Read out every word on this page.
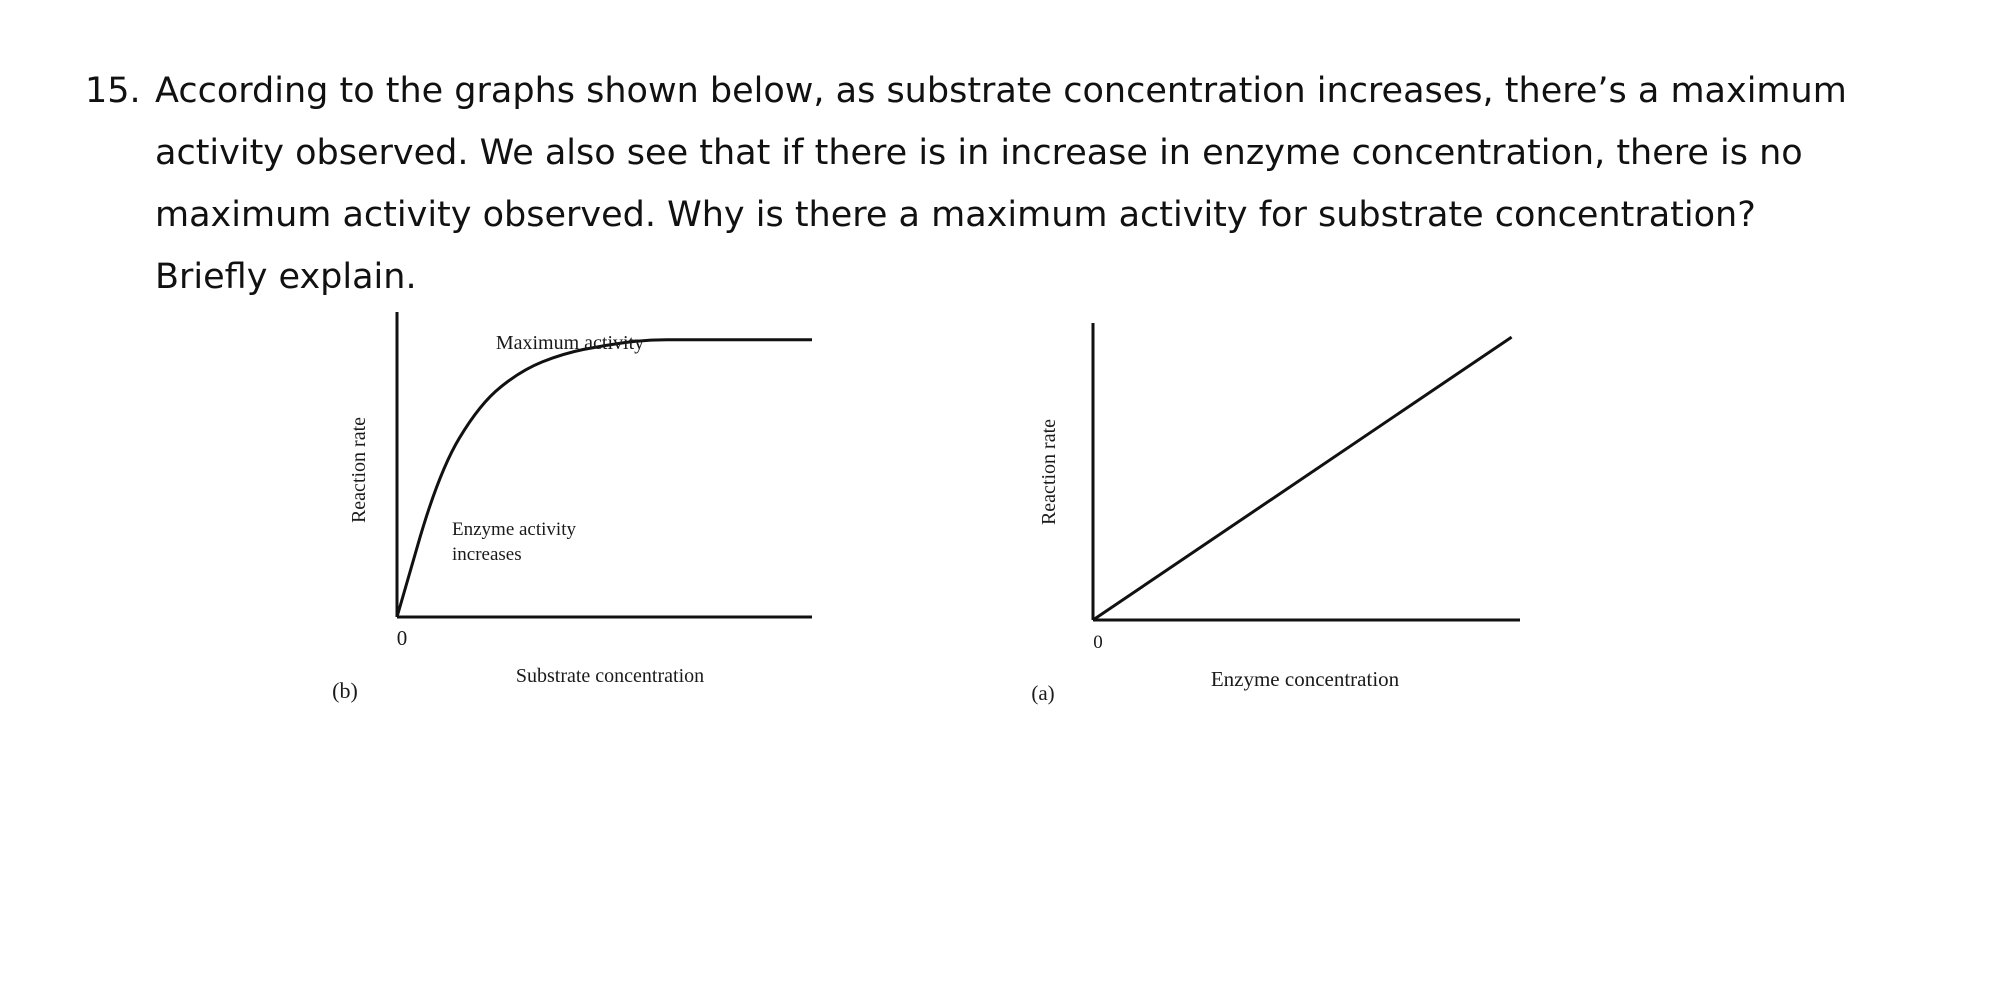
15. According to the graphs shown below, as substrate concentration increases, there’s a maximum
activity observed. We also see that if there is in increase in enzyme concentration, there is no
maximum activity observed. Why is there a maximum activity for substrate concentration?
Briefly explain.
Maximum activity
Enzyme activity
increases
0
Substrate concentration
Reaction rate
(b)
0
Enzyme concentration
Reaction rate
(a)
